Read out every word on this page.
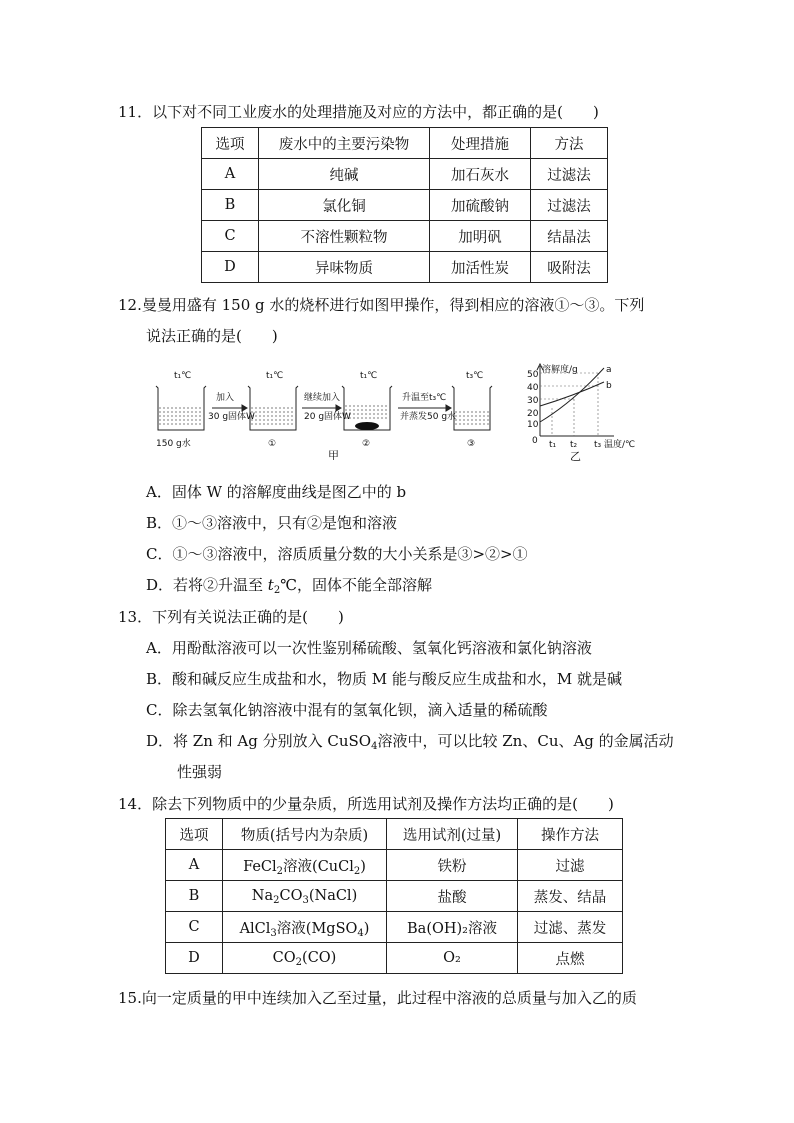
11．以下对不同工业废水的处理措施及对应的方法中，都正确的是(　　)
选项	废水中的主要污染物	处理措施	方法
A	纯碱	加石灰水	过滤法
B	氯化铜	加硫酸钠	过滤法
C	不溶性颗粒物	加明矾	结晶法
D	异味物质	加活性炭	吸附法
12.曼曼用盛有 150 g 水的烧杯进行如图甲操作，得到相应的溶液①～③。下列
说法正确的是(　　)
t₁℃	t₁℃	t₁℃	t₃℃
加入
30 g固体W
继续加入
20 g固体W
升温至t₃℃
并蒸发50 g水
150 g水	①	②	③
甲
溶解度/g
50
40
30
20
10
0 t₁ t₂ t₃ 温度/℃
a
b
乙
A．固体 W 的溶解度曲线是图乙中的 b
B．①～③溶液中，只有②是饱和溶液
C．①～③溶液中，溶质质量分数的大小关系是③>②>①
D．若将②升温至 $t_2℃$，固体不能全部溶解
13．下列有关说法正确的是(　　)
A．用酚酞溶液可以一次性鉴别稀硫酸、氢氧化钙溶液和氯化钠溶液
B．酸和碱反应生成盐和水，物质 M 能与酸反应生成盐和水，M 就是碱
C．除去氢氧化钠溶液中混有的氢氧化钡，滴入适量的稀硫酸
D．将 Zn 和 Ag 分别放入 CuSO$_4$溶液中，可以比较 Zn、Cu、Ag 的金属活动
性强弱
14．除去下列物质中的少量杂质，所选用试剂及操作方法均正确的是(　　)
选项	物质(括号内为杂质)	选用试剂(过量)	操作方法
A	FeCl$_2$溶液(CuCl$_2$)	铁粉	过滤
B	$Na_2CO_3(NaCl)$	盐酸	蒸发、结晶
C	AlCl$_3$溶液(MgSO$_4$)	Ba(OH)₂溶液	过滤、蒸发
D	$CO_2(CO)$	O₂	点燃
15.向一定质量的甲中连续加入乙至过量，此过程中溶液的总质量与加入乙的质
